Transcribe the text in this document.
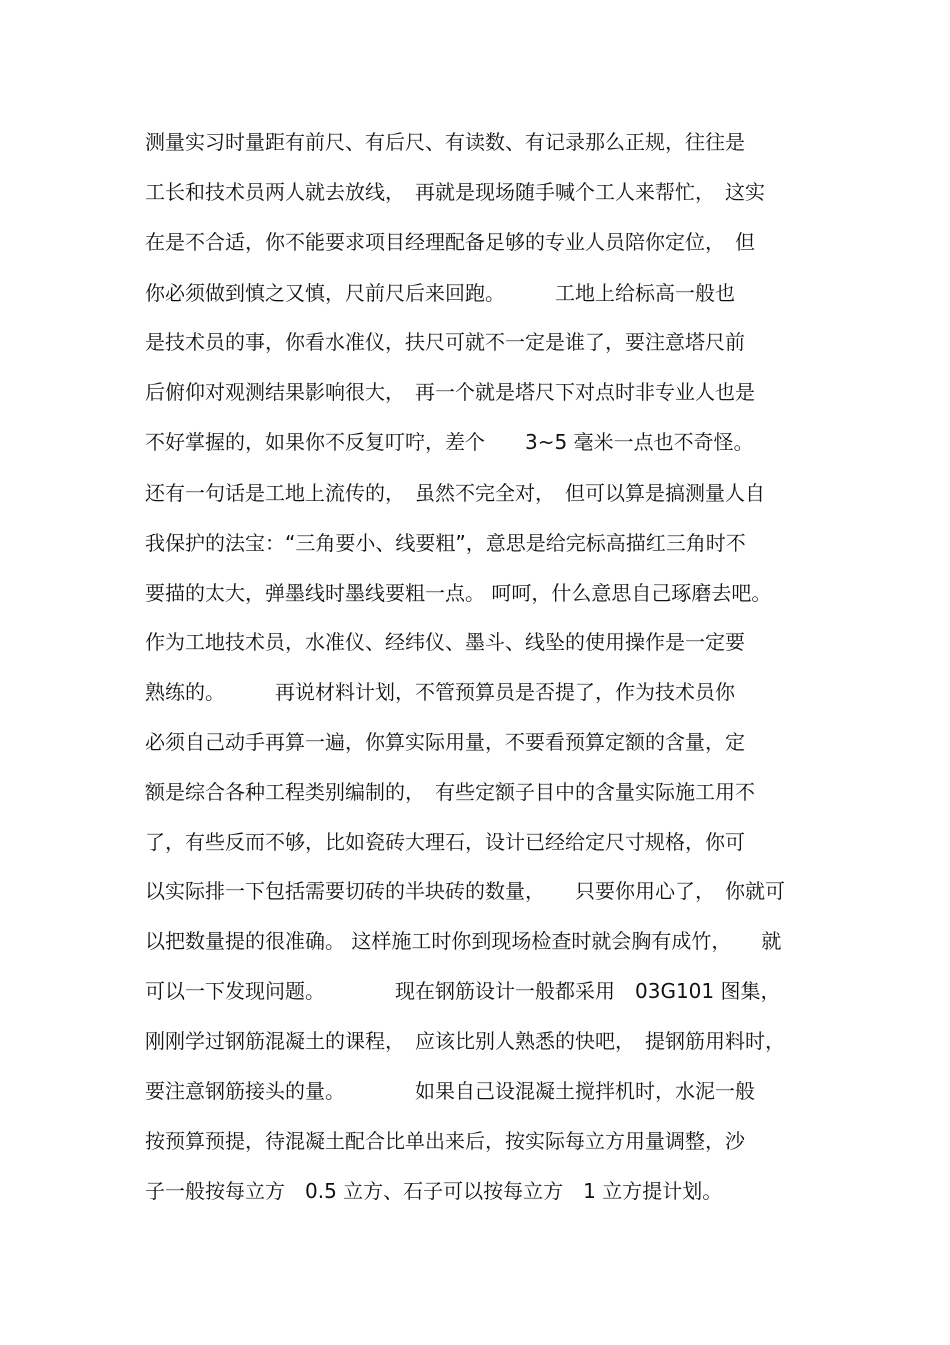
测量实习时量距有前尺、有后尺、有读数、有记录那么正规，往往是
工长和技术员两人就去放线，　再就是现场随手喊个工人来帮忙，　这实
在是不合适，你不能要求项目经理配备足够的专业人员陪你定位，　但
你必须做到慎之又慎，尺前尺后来回跑。　　　工地上给标高一般也
是技术员的事，你看水准仪，扶尺可就不一定是谁了，要注意塔尺前
后俯仰对观测结果影响很大，　再一个就是塔尺下对点时非专业人也是
不好掌握的，如果你不反复叮咛，差个　　3~5 毫米一点也不奇怪。
还有一句话是工地上流传的，　虽然不完全对，　但可以算是搞测量人自
我保护的法宝：“三角要小、线要粗”，意思是给完标高描红三角时不
要描的太大，弹墨线时墨线要粗一点。 呵呵，什么意思自己琢磨去吧。
作为工地技术员，水准仪、经纬仪、墨斗、线坠的使用操作是一定要
熟练的。　　　再说材料计划，不管预算员是否提了，作为技术员你
必须自己动手再算一遍，你算实际用量，不要看预算定额的含量，定
额是综合各种工程类别编制的，　有些定额子目中的含量实际施工用不
了，有些反而不够，比如瓷砖大理石，设计已经给定尺寸规格，你可
以实际排一下包括需要切砖的半块砖的数量，　　只要你用心了，　你就可
以把数量提的很准确。 这样施工时你到现场检查时就会胸有成竹，　　就
可以一下发现问题。　　　　现在钢筋设计一般都采用　03G101 图集，
刚刚学过钢筋混凝土的课程，　应该比别人熟悉的快吧，　提钢筋用料时，
要注意钢筋接头的量。　　　　如果自己设混凝土搅拌机时，水泥一般
按预算预提，待混凝土配合比单出来后，按实际每立方用量调整，沙
子一般按每立方　0.5 立方、石子可以按每立方　1 立方提计划。
